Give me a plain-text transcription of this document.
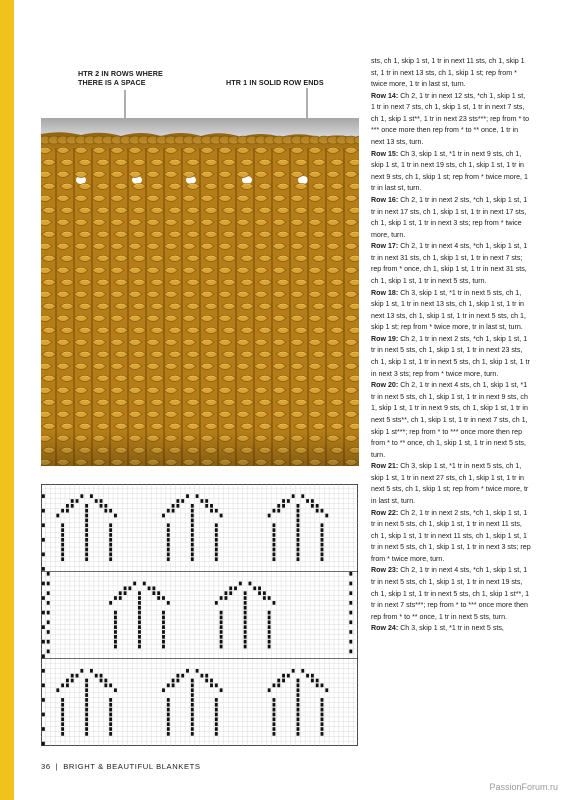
HTR 2 IN ROWS WHERE
THERE IS A SPACE	HTR 1 IN SOLID ROW ENDS

sts, ch 1, skip 1 st, 1 tr in next 11 sts, ch 1, skip 1 st, 1 tr in next 13 sts, ch 1, skip 1 st; rep from * twice more, 1 tr in last st, turn.

Row 14: Ch 2, 1 tr in next 12 sts, *ch 1, skip 1 st, 1 tr in next 7 sts, ch 1, skip 1 st, 1 tr in next 7 sts, ch 1, skip 1 st**, 1 tr in next 23 sts***; rep from * to *** once more then rep from * to ** once, 1 tr in next 13 sts, turn.

Row 15: Ch 3, skip 1 st, *1 tr in next 9 sts, ch 1, skip 1 st, 1 tr in next 19 sts, ch 1, skip 1 st, 1 tr in next 9 sts, ch 1, skip 1 st; rep from * twice more, 1 tr in last st, turn.

Row 16: Ch 2, 1 tr in next 2 sts, *ch 1, skip 1 st, 1 tr in next 17 sts, ch 1, skip 1 st, 1 tr in next 17 sts, ch 1, skip 1 st, 1 tr in next 3 sts; rep from * twice more, turn.

Row 17: Ch 2, 1 tr in next 4 sts, *ch 1, skip 1 st, 1 tr in next 31 sts, ch 1, skip 1 st, 1 tr in next 7 sts; rep from * once, ch 1, skip 1 st, 1 tr in next 31 sts, ch 1, skip 1 st, 1 tr in next 5 sts, turn.

Row 18: Ch 3, skip 1 st, *1 tr in next 5 sts, ch 1, skip 1 st, 1 tr in next 13 sts, ch 1, skip 1 st, 1 tr in next 13 sts, ch 1, skip 1 st, 1 tr in next 5 sts, ch 1, skip 1 st; rep from * twice more, tr in last st, turn.

Row 19: Ch 2, 1 tr in next 2 sts, *ch 1, skip 1 st, 1 tr in next 5 sts, ch 1, skip 1 st, 1 tr in next 23 sts, ch 1, skip 1 st, 1 tr in next 5 sts, ch 1, skip 1 st, 1 tr in next 3 sts; rep from * twice more, turn.

Row 20: Ch 2, 1 tr in next 4 sts, ch 1, skip 1 st, *1 tr in next 5 sts, ch 1, skip 1 st, 1 tr in next 9 sts, ch 1, skip 1 st, 1 tr in next 9 sts, ch 1, skip 1 st, 1 tr in next 5 sts**, ch 1, skip 1 st, 1 tr in next 7 sts, ch 1, skip 1 st***; rep from * to *** once more then rep from * to ** once, ch 1, skip 1 st, 1 tr in next 5 sts, turn.

Row 21: Ch 3, skip 1 st, *1 tr in next 5 sts, ch 1, skip 1 st, 1 tr in next 27 sts, ch 1, skip 1 st, 1 tr in next 5 sts, ch 1, skip 1 st; rep from * twice more, tr in last st, turn.

Row 22: Ch 2, 1 tr in next 2 sts, *ch 1, skip 1 st, 1 tr in next 5 sts, ch 1, skip 1 st, 1 tr in next 11 sts, ch 1, skip 1 st, 1 tr in next 11 sts, ch 1, skip 1 st, 1 tr in next 5 sts, ch 1, skip 1 st, 1 tr in next 3 sts; rep from * twice more, turn.

Row 23: Ch 2, 1 tr in next 4 sts, *ch 1, skip 1 st, 1 tr in next 5 sts, ch 1, skip 1 st, 1 tr in next 19 sts, ch 1, skip 1 st, 1 tr in next 5 sts, ch 1, skip 1 st**, 1 tr in next 7 sts***; rep from * to *** once more then rep from * to ** once, 1 tr in next 5 sts, turn.

Row 24: Ch 3, skip 1 st, *1 tr in next 5 sts,

36 | BRIGHT & BEAUTIFUL BLANKETS
PassionForum.ru
